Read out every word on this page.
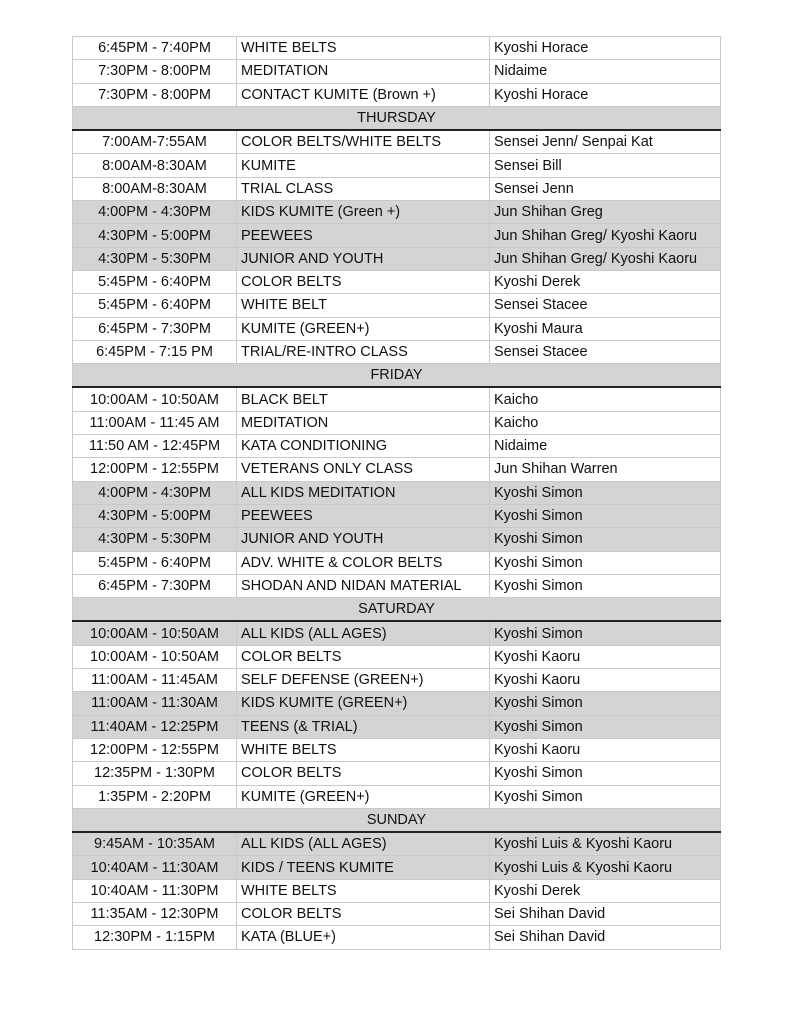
6:45PM - 7:40PM	WHITE BELTS	Kyoshi Horace
7:30PM - 8:00PM	MEDITATION	Nidaime
7:30PM - 8:00PM	CONTACT KUMITE (Brown +)	Kyoshi Horace
THURSDAY		
7:00AM-7:55AM	COLOR BELTS/WHITE BELTS	Sensei Jenn/ Senpai Kat
8:00AM-8:30AM	KUMITE	Sensei Bill
8:00AM-8:30AM	TRIAL CLASS	Sensei Jenn
4:00PM - 4:30PM	KIDS KUMITE (Green +)	Jun Shihan Greg
4:30PM - 5:00PM	PEEWEES	Jun Shihan Greg/ Kyoshi Kaoru
4:30PM - 5:30PM	JUNIOR AND YOUTH	Jun Shihan Greg/ Kyoshi Kaoru
5:45PM - 6:40PM	COLOR BELTS	Kyoshi Derek
5:45PM - 6:40PM	WHITE BELT	Sensei Stacee
6:45PM - 7:30PM	KUMITE (GREEN+)	Kyoshi Maura
6:45PM - 7:15 PM	TRIAL/RE-INTRO CLASS	Sensei Stacee
FRIDAY		
10:00AM - 10:50AM	BLACK BELT	Kaicho
11:00AM - 11:45 AM	MEDITATION	Kaicho
11:50 AM - 12:45PM	KATA CONDITIONING	Nidaime
12:00PM - 12:55PM	VETERANS ONLY CLASS	Jun Shihan Warren
4:00PM - 4:30PM	ALL KIDS MEDITATION	Kyoshi Simon
4:30PM - 5:00PM	PEEWEES	Kyoshi Simon
4:30PM - 5:30PM	JUNIOR AND YOUTH	Kyoshi Simon
5:45PM - 6:40PM	ADV. WHITE & COLOR BELTS	Kyoshi Simon
6:45PM - 7:30PM	SHODAN AND NIDAN MATERIAL	Kyoshi Simon
SATURDAY		
10:00AM - 10:50AM	ALL KIDS (ALL AGES)	Kyoshi Simon
10:00AM - 10:50AM	COLOR BELTS	Kyoshi Kaoru
11:00AM - 11:45AM	SELF DEFENSE (GREEN+)	Kyoshi Kaoru
11:00AM - 11:30AM	KIDS KUMITE (GREEN+)	Kyoshi Simon
11:40AM - 12:25PM	TEENS (& TRIAL)	Kyoshi Simon
12:00PM - 12:55PM	WHITE BELTS	Kyoshi Kaoru
12:35PM - 1:30PM	COLOR BELTS	Kyoshi Simon
1:35PM - 2:20PM	KUMITE (GREEN+)	Kyoshi Simon
SUNDAY		
9:45AM - 10:35AM	ALL KIDS (ALL AGES)	Kyoshi Luis & Kyoshi Kaoru
10:40AM - 11:30AM	KIDS / TEENS KUMITE	Kyoshi Luis & Kyoshi Kaoru
10:40AM - 11:30PM	WHITE BELTS	Kyoshi Derek
11:35AM - 12:30PM	COLOR BELTS	Sei Shihan David
12:30PM - 1:15PM	KATA (BLUE+)	Sei Shihan David
